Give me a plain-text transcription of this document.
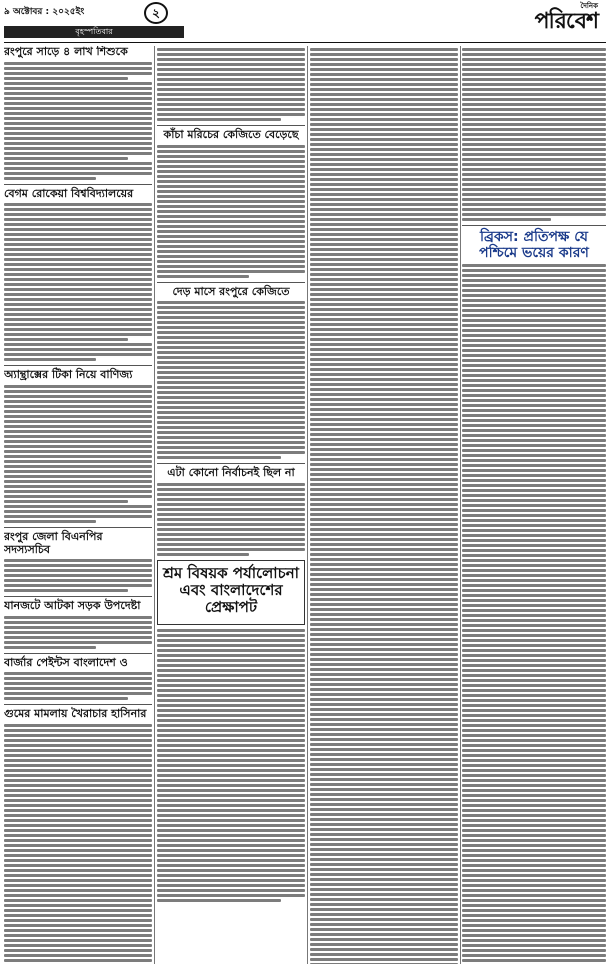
৯ অক্টোবর : ২০২৫ইং	২
বৃহস্পতিবার
দৈনিক
পরিবেশ
রংপুরে সাড়ে ৪ লাখ শিশুকে
বেগম রোকেয়া বিশ্ববিদ্যালয়ের
অ্যান্থ্রাক্সের টিকা নিয়ে বাণিজ্য
রংপুর জেলা বিএনপির সদস্যসচিব
যানজটে আটকা সড়ক উপদেষ্টা
বার্জার পেইন্টস বাংলাদেশ ও
গুমের মামলায় খৈরাচার হাসিনার
কাঁচা মরিচের কেজিতে বেড়েছে
দেড় মাসে রংপুরে কেজিতে
এটা কোনো নির্বাচনই ছিল না
শ্রম বিষয়ক পর্যালোচনা এবং বাংলাদেশের প্রেক্ষাপট
ব্রিকস: প্রতিপক্ষ যে পশ্চিমে ভয়ের কারণ
